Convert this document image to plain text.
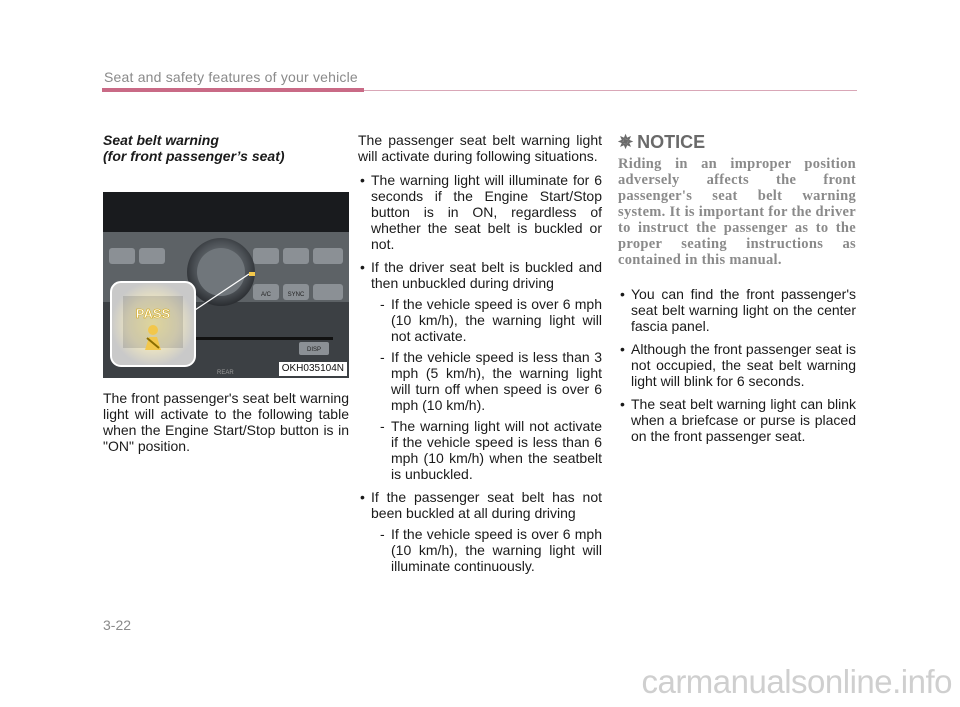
Seat and safety features of your vehicle
Seat belt warning
(for front passenger’s seat)
A/C	SYNC
DISP
REAR
PASS
OKH035104N
The front passenger's seat belt warning light will activate to the following table when the Engine Start/Stop button is in "ON" position.
The passenger seat belt warning light will activate during following situations.
• The warning light will illuminate for 6 seconds if the Engine Start/Stop button is in ON, regardless of whether the seat belt is buckled or not.
• If the driver seat belt is buckled and then unbuckled during driving
- If the vehicle speed is over 6 mph (10 km/h), the warning light will not activate.
- If the vehicle speed is less than 3 mph (5 km/h), the warning light will turn off when speed is over 6 mph (10 km/h).
- The warning light will not activate if the vehicle speed is less than 6 mph (10 km/h) when the seatbelt is unbuckled.
• If the passenger seat belt has not been buckled at all during driving
- If the vehicle speed is over 6 mph (10 km/h), the warning light will illuminate continuously.
✵ NOTICE
Riding in an improper position adversely affects the front passenger's seat belt warning system. It is important for the driver to instruct the passenger as to the proper seating instructions as contained in this manual.
• You can find the front passenger's seat belt warning light on the center fascia panel.
• Although the front passenger seat is not occupied, the seat belt warning light will blink for 6 seconds.
• The seat belt warning light can blink when a briefcase or purse is placed on the front passenger seat.
3-22
carmanualsonline.info
